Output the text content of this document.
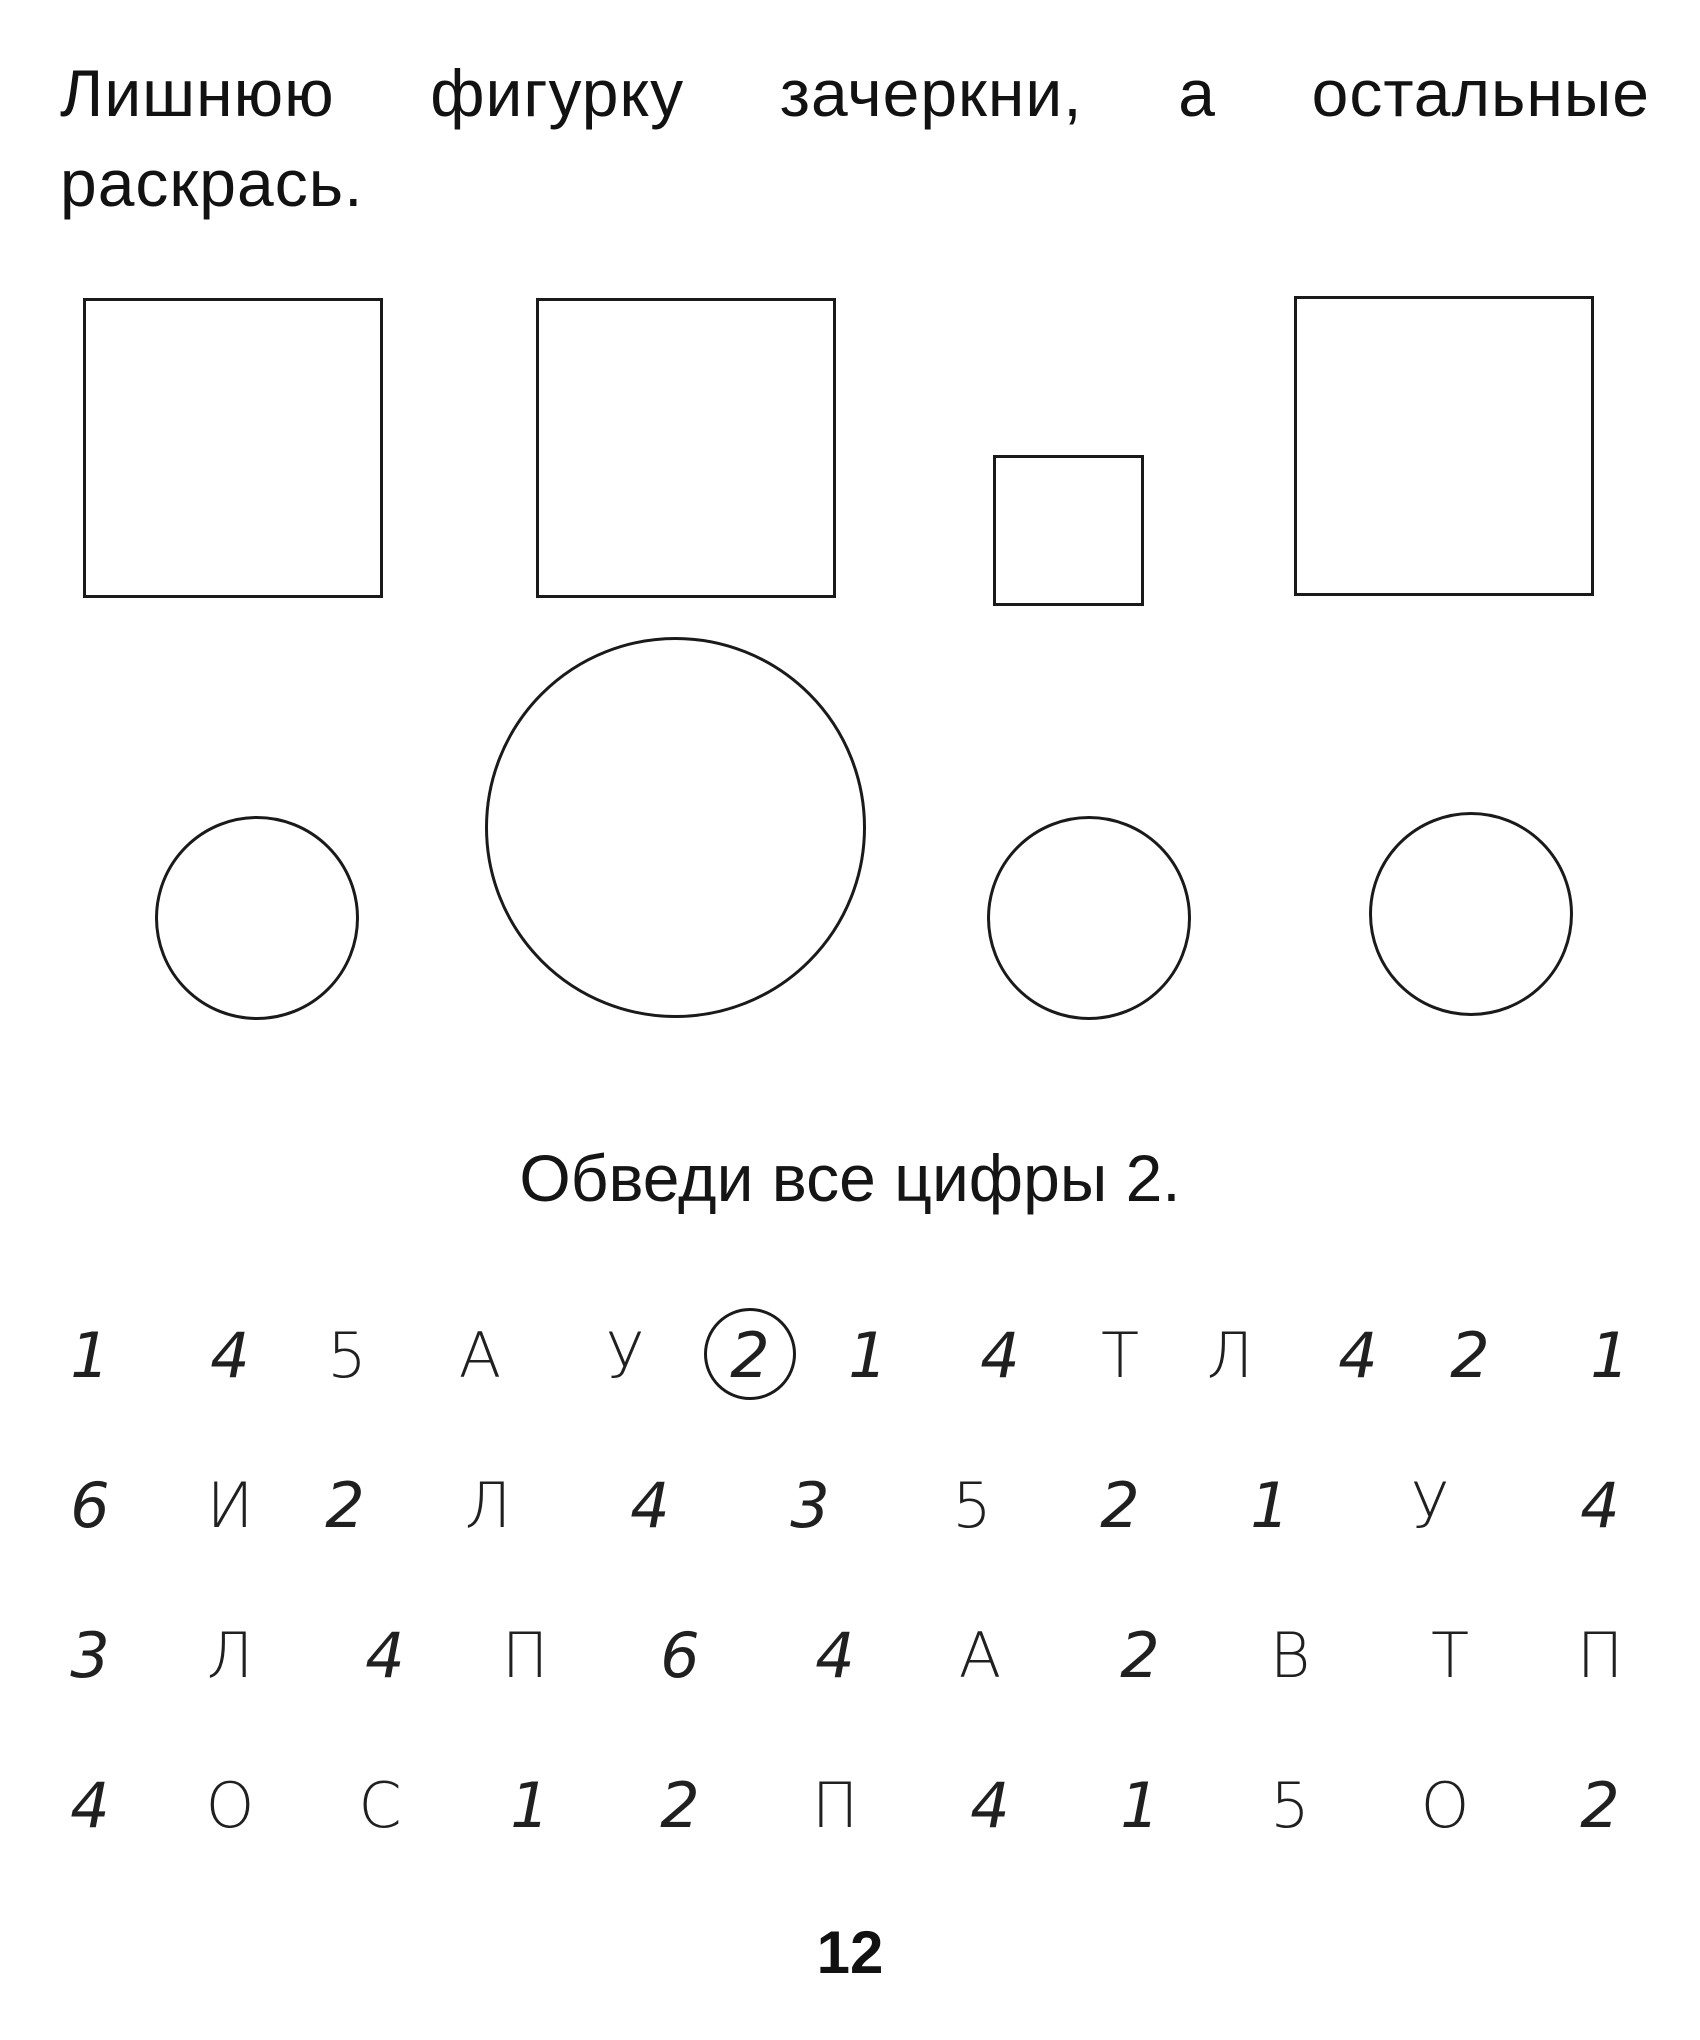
Лишнюю фигурку зачеркни, а остальные раскрась.
Обведи все цифры 2.
1	4	5	А	У	2	1	4	Т	Л	4	2	1
6	И	2	Л	4	3	5	2	1	У	4
3	Л	4	П	6	4	А	2	В	Т	П
4	О	С	1	2	П	4	1	5	О	2
12
